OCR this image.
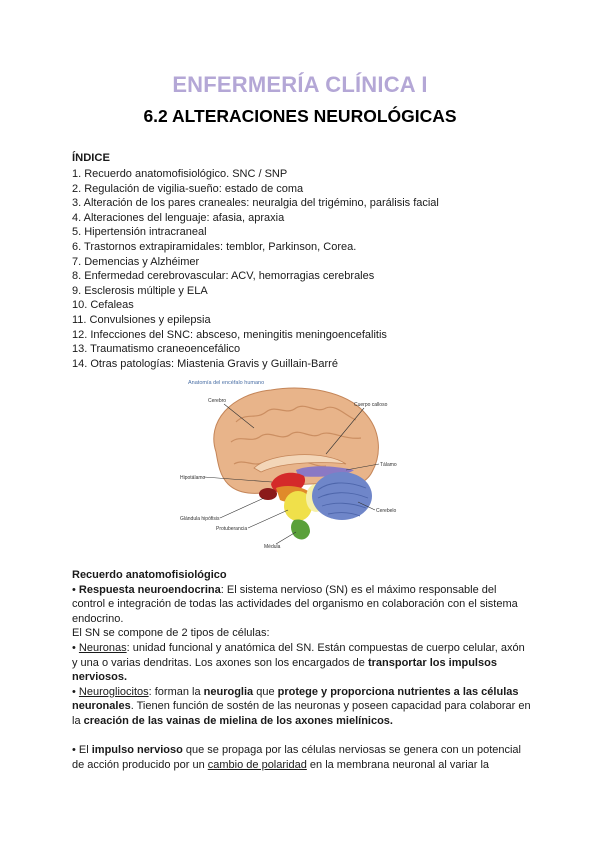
ENFERMERÍA CLÍNICA I
6.2 ALTERACIONES NEUROLÓGICAS
ÍNDICE
1. Recuerdo anatomofisiológico. SNC / SNP
2. Regulación de vigilia-sueño: estado de coma
3. Alteración de los pares craneales: neuralgia del trigémino, parálisis facial
4. Alteraciones del lenguaje: afasia, apraxia
5. Hipertensión intracraneal
6. Trastornos extrapiramidales: temblor, Parkinson, Corea.
7. Demencias y Alzhéimer
8. Enfermedad cerebrovascular: ACV, hemorragias cerebrales
9. Esclerosis múltiple y ELA
10. Cefaleas
11. Convulsiones y epilepsia
12. Infecciones del SNC: absceso, meningitis meningoencefalitis
13. Traumatismo craneoencefálico
14. Otras patologías: Miastenia Gravis y Guillain-Barré
Anatomía del encéfalo humano
Cerebro
Cuerpo calloso
Tálamo
Hipotálamo
Cerebelo
Glándula hipófisis
Protuberancia
Médula

Recuerdo anatomofisiológico

• Respuesta neuroendocrina: El sistema nervioso (SN) es el máximo responsable del control e integración de todas las actividades del organismo en colaboración con el sistema endocrino.

El SN se compone de 2 tipos de células:

• Neuronas: unidad funcional y anatómica del SN. Están compuestas de cuerpo celular, axón y una o varias dendritas. Los axones son los encargados de transportar los impulsos nerviosos.

• Neurogliocitos: forman la neuroglia que protege y proporciona nutrientes a las células neuronales. Tienen función de sostén de las neuronas y poseen capacidad para colaborar en la creación de las vainas de mielina de los axones mielínicos.

• El impulso nervioso que se propaga por las células nerviosas se genera con un potencial de acción producido por un cambio de polaridad en la membrana neuronal al variar la
